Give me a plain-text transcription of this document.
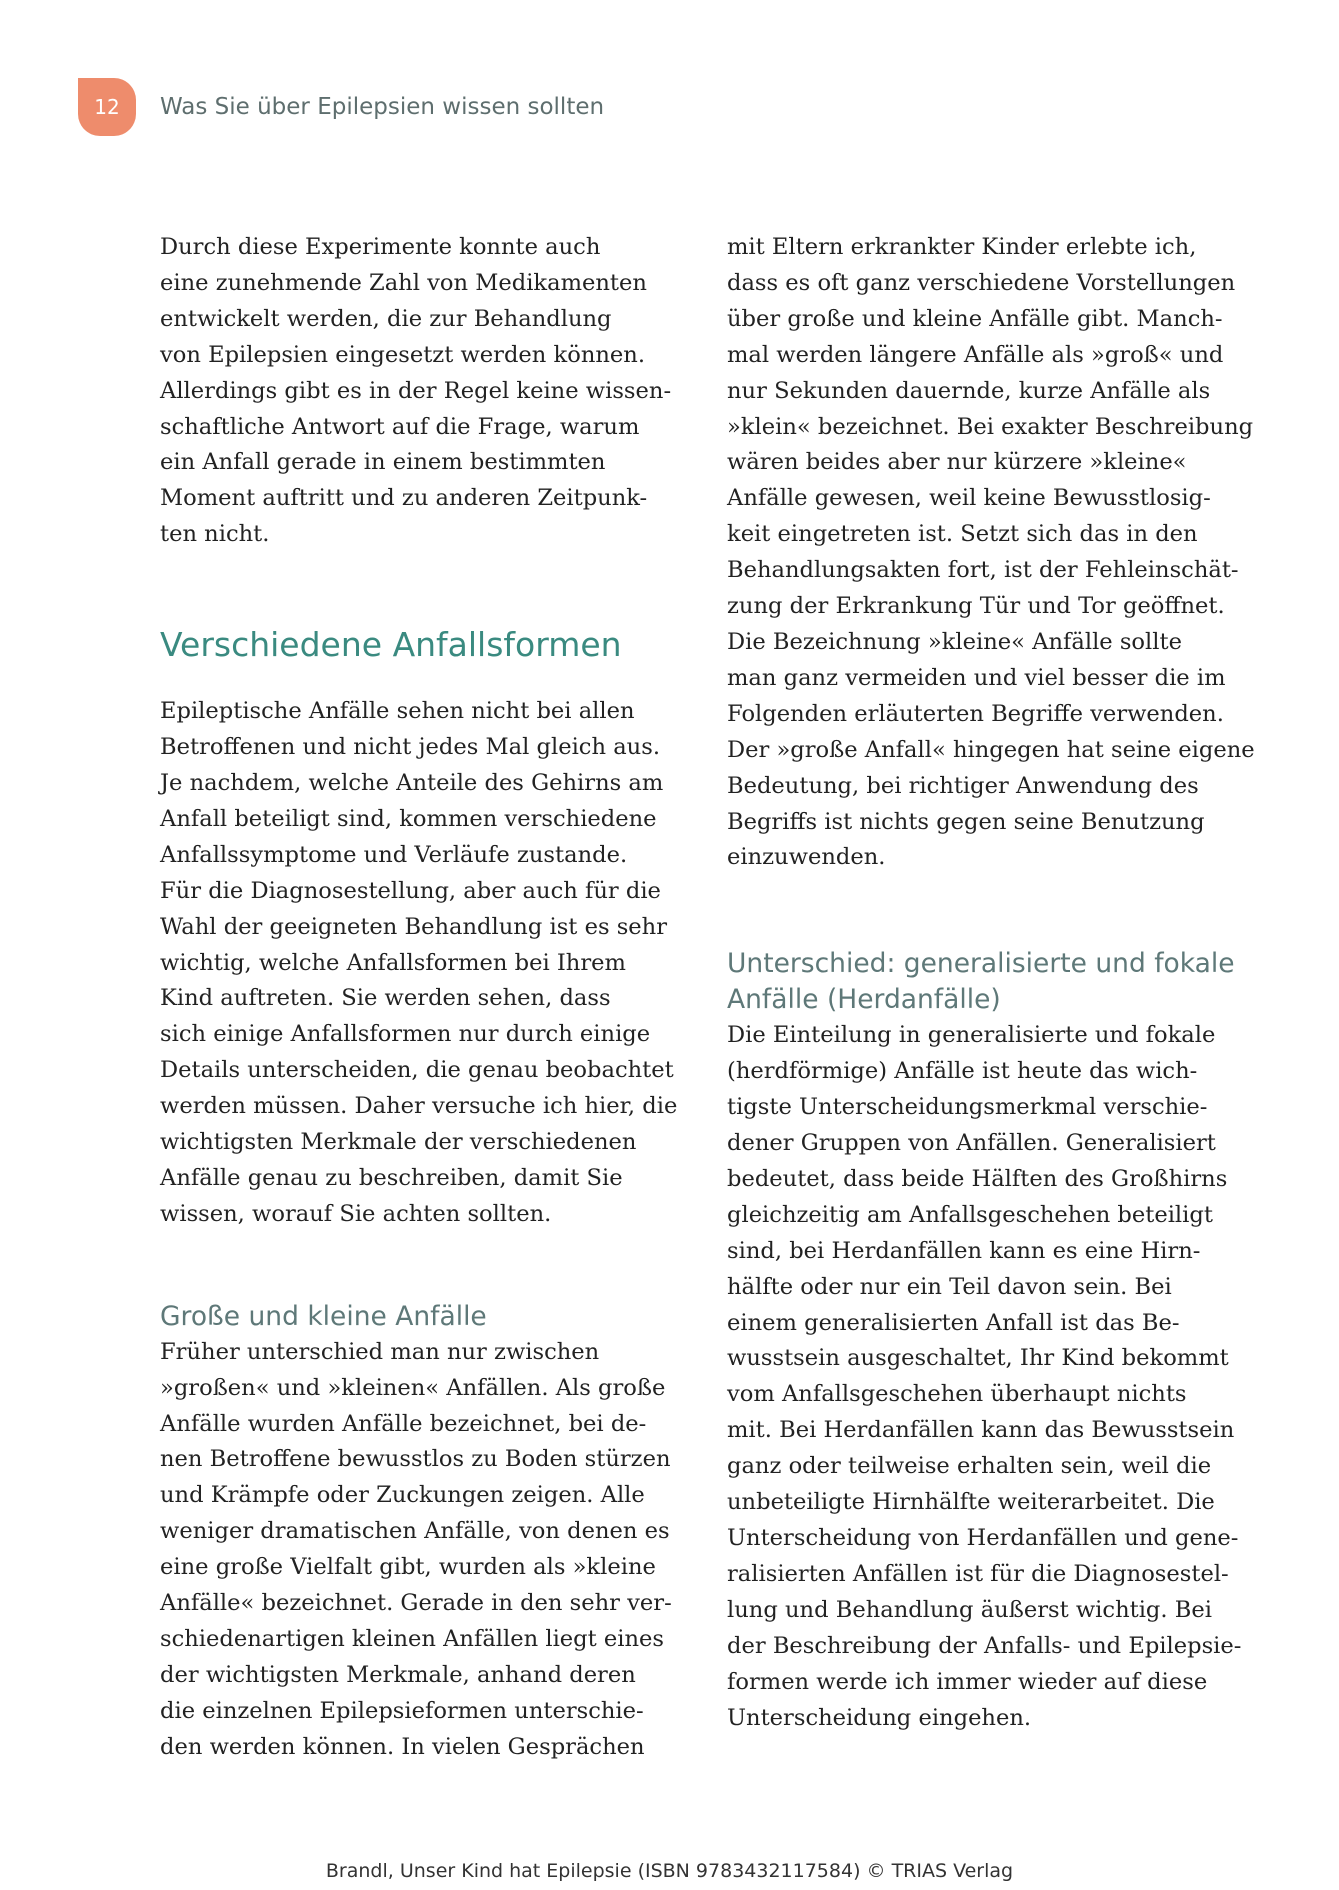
12	Was Sie über Epilepsien wissen sollten

Durch diese Experimente konnte auch
eine zunehmende Zahl von Medikamenten
entwickelt werden, die zur Behandlung
von Epilepsien eingesetzt werden können.
Allerdings gibt es in der Regel keine wissen-
schaftliche Antwort auf die Frage, warum
ein Anfall gerade in einem bestimmten
Moment auftritt und zu anderen Zeitpunk-
ten nicht.

Verschiedene Anfallsformen

Epileptische Anfälle sehen nicht bei allen
Betroffenen und nicht jedes Mal gleich aus.
Je nachdem, welche Anteile des Gehirns am
Anfall beteiligt sind, kommen verschiedene
Anfallssymptome und Verläufe zustande.
Für die Diagnosestellung, aber auch für die
Wahl der geeigneten Behandlung ist es sehr
wichtig, welche Anfallsformen bei Ihrem
Kind auftreten. Sie werden sehen, dass
sich einige Anfallsformen nur durch einige
Details unterscheiden, die genau beobachtet
werden müssen. Daher versuche ich hier, die
wichtigsten Merkmale der verschiedenen
Anfälle genau zu beschreiben, damit Sie
wissen, worauf Sie achten sollten.

Große und kleine Anfälle

Früher unterschied man nur zwischen
»großen« und »kleinen« Anfällen. Als große
Anfälle wurden Anfälle bezeichnet, bei de-
nen Betroffene bewusstlos zu Boden stürzen
und Krämpfe oder Zuckungen zeigen. Alle
weniger dramatischen Anfälle, von denen es
eine große Vielfalt gibt, wurden als »kleine
Anfälle« bezeichnet. Gerade in den sehr ver-
schiedenartigen kleinen Anfällen liegt eines
der wichtigsten Merkmale, anhand deren
die einzelnen Epilepsieformen unterschie-
den werden können. In vielen Gesprächen

mit Eltern erkrankter Kinder erlebte ich,
dass es oft ganz verschiedene Vorstellungen
über große und kleine Anfälle gibt. Manch-
mal werden längere Anfälle als »groß« und
nur Sekunden dauernde, kurze Anfälle als
»klein« bezeichnet. Bei exakter Beschreibung
wären beides aber nur kürzere »kleine«
Anfälle gewesen, weil keine Bewusstlosig-
keit eingetreten ist. Setzt sich das in den
Behandlungsakten fort, ist der Fehleinschät-
zung der Erkrankung Tür und Tor geöffnet.
Die Bezeichnung »kleine« Anfälle sollte
man ganz vermeiden und viel besser die im
Folgenden erläuterten Begriffe verwenden.
Der »große Anfall« hingegen hat seine eigene
Bedeutung, bei richtiger Anwendung des
Begriffs ist nichts gegen seine Benutzung
einzuwenden.

Unterschied: generalisierte und fokale
Anfälle (Herdanfälle)

Die Einteilung in generalisierte und fokale
(herdförmige) Anfälle ist heute das wich-
tigste Unterscheidungsmerkmal verschie-
dener Gruppen von Anfällen. Generalisiert
bedeutet, dass beide Hälften des Großhirns
gleichzeitig am Anfallsgeschehen beteiligt
sind, bei Herdanfällen kann es eine Hirn-
hälfte oder nur ein Teil davon sein. Bei
einem generalisierten Anfall ist das Be-
wusstsein ausgeschaltet, Ihr Kind bekommt
vom Anfallsgeschehen überhaupt nichts
mit. Bei Herdanfällen kann das Bewusstsein
ganz oder teilweise erhalten sein, weil die
unbeteiligte Hirnhälfte weiterarbeitet. Die
Unterscheidung von Herdanfällen und gene-
ralisierten Anfällen ist für die Diagnosestel-
lung und Behandlung äußerst wichtig. Bei
der Beschreibung der Anfalls- und Epilepsie-
formen werde ich immer wieder auf diese
Unterscheidung eingehen.

Brandl, Unser Kind hat Epilepsie (ISBN 9783432117584) © TRIAS Verlag
